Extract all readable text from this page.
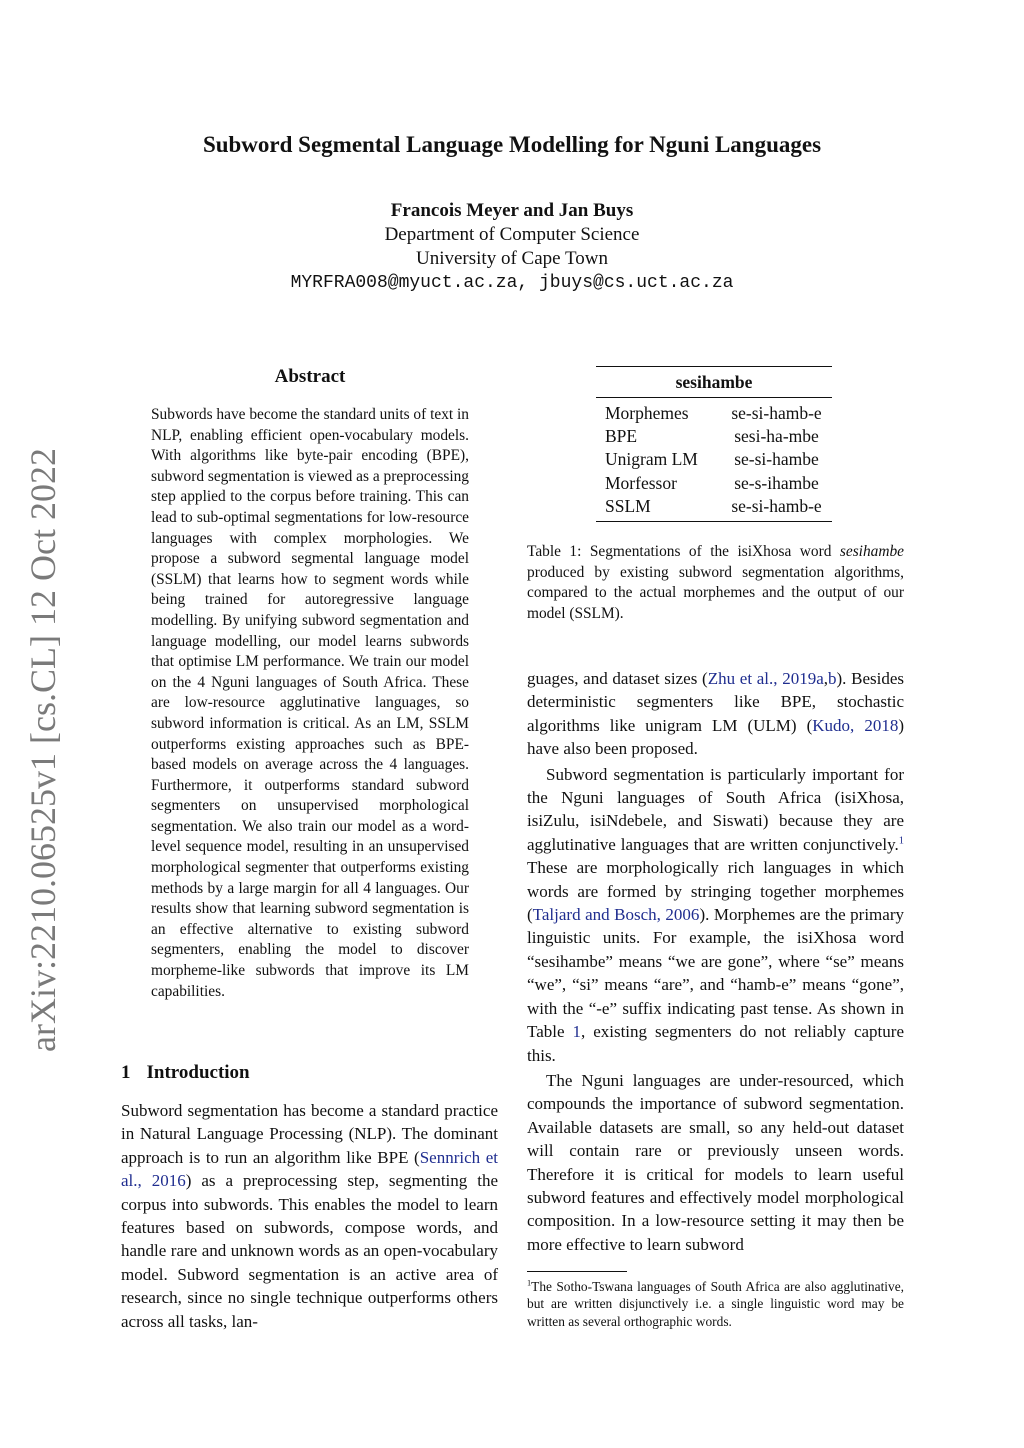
Subword Segmental Language Modelling for Nguni Languages
Francois Meyer and Jan Buys
Department of Computer Science
University of Cape Town
MYRFRA008@myuct.ac.za, jbuys@cs.uct.ac.za
arXiv:2210.06525v1 [cs.CL] 12 Oct 2022
Abstract
Subwords have become the standard units of text in NLP, enabling efficient open-vocabulary models. With algorithms like byte-pair encoding (BPE), subword segmentation is viewed as a preprocessing step applied to the corpus before training. This can lead to sub-optimal segmentations for low-resource languages with complex morphologies. We propose a subword segmental language model (SSLM) that learns how to segment words while being trained for autoregressive language modelling. By unifying subword segmentation and language modelling, our model learns subwords that optimise LM performance. We train our model on the 4 Nguni languages of South Africa. These are low-resource agglutinative languages, so subword information is critical. As an LM, SSLM outperforms existing approaches such as BPE-based models on average across the 4 languages. Furthermore, it outperforms standard subword segmenters on unsupervised morphological segmentation. We also train our model as a word-level sequence model, resulting in an unsupervised morphological segmenter that outperforms existing methods by a large margin for all 4 languages. Our results show that learning subword segmentation is an effective alternative to existing subword segmenters, enabling the model to discover morpheme-like subwords that improve its LM capabilities.
1 Introduction
Subword segmentation has become a standard practice in Natural Language Processing (NLP). The dominant approach is to run an algorithm like BPE (Sennrich et al., 2016) as a preprocessing step, segmenting the corpus into subwords. This enables the model to learn features based on subwords, compose words, and handle rare and unknown words as an open-vocabulary model. Subword segmentation is an active area of research, since no single technique outperforms others across all tasks, lan-
sesihambe
Morphemes	se-si-hamb-e
BPE	sesi-ha-mbe
Unigram LM	se-si-hambe
Morfessor	se-s-ihambe
SSLM	se-si-hamb-e
Table 1: Segmentations of the isiXhosa word sesihambe produced by existing subword segmentation algorithms, compared to the actual morphemes and the output of our model (SSLM).

guages, and dataset sizes (Zhu et al., 2019a,b). Besides deterministic segmenters like BPE, stochastic algorithms like unigram LM (ULM) (Kudo, 2018) have also been proposed.

Subword segmentation is particularly important for the Nguni languages of South Africa (isiXhosa, isiZulu, isiNdebele, and Siswati) because they are agglutinative languages that are written conjunctively.$^1$ These are morphologically rich languages in which words are formed by stringing together morphemes (Taljard and Bosch, 2006). Morphemes are the primary linguistic units. For example, the isiXhosa word “sesihambe” means “we are gone”, where “se” means “we”, “si” means “are”, and “hamb-e” means “gone”, with the “-e” suffix indicating past tense. As shown in Table 1, existing segmenters do not reliably capture this.

The Nguni languages are under-resourced, which compounds the importance of subword segmentation. Available datasets are small, so any held-out dataset will contain rare or previously unseen words. Therefore it is critical for models to learn useful subword features and effectively model morphological composition. In a low-resource setting it may then be more effective to learn subword

$^1$The Sotho-Tswana languages of South Africa are also agglutinative, but are written disjunctively i.e. a single linguistic word may be written as several orthographic words.
